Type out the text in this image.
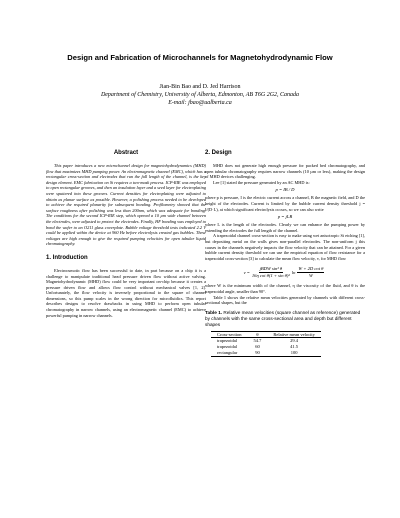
Design and Fabrication of Microchannels for Magnetohydrodynamic Flow
Jian-Bin Bao and D. Jed Harrison
Department of Chemistry, University of Alberta, Edmonton, AB T6G 2G2, Canada
E-mail: jbao@ualberta.ca
Abstract

This paper introduces a new microchannel design for magnetohydrodynamics (MHD) flow that maximizes MHD pumping power. An electromagnetic channel (EMC), which has a rectangular cross-section and electrodes that run the full length of the channel, is the key design element. EMC fabrication on Si requires a two-mask process. ICP-RIE was employed to open rectangular grooves, and then an insulation layer and a seed layer for electroplating were sputtered into these grooves. Current densities for electroplating were adjusted to obtain as planar surface as possible. However, a polishing process needed to be developed to achieve the required planarity for subsequent bonding. Profilometry showed that the surface roughness after polishing was less than 200nm, which was adequate for bonding. The conditions for the second ICP-RIE step, which opened a 10 µm wide channel between the electrodes, were adjusted to protect the electrodes. Finally, HF bonding was employed to bond the wafer to an O211 glass coverplate. Bubble voltage threshold tests indicated 2.2 V could be applied within the device at 960 Hz before electrolysis created gas bubbles. These voltages are high enough to give the required pumping velocities for open tubular liquid chromatography.

1. Introduction

Electroosmotic flow has been successful to date, in part because on a chip it is a challenge to manipulate traditional head pressure driven flow without active valving. Magnetohydrodynamic (MHD) flow could be very important on-chip because it creates a pressure driven flow and allows flow control without mechanical valves [1, 2]. Unfortunately, the flow velocity is inversely proportional to the square of channel dimensions, so this pump scales in the wrong direction for microfluidics. This report describes designs to resolve drawbacks in using MHD to perform open tubular chromatography in narrow channels, using an electromagnetic channel (EMC) to achieve powerful pumping in narrow channels.

2. Design

MHD does not generate high enough pressure for packed bed chromatography, and open tubular chromatography requires narrow channels (10 µm or less), making the design of MHD devices challenging.

Lee [1] stated the pressure generated by an AC MHD is:

p = IB / D

where p is pressure, I is the electric current across a channel, B the magnetic field, and D the height of the electrodes. Current is limited by the bubble current density threshold j = I/(D·L), at which significant electrolysis occurs, so we can also write

p = jLB

where L is the length of the electrodes. Clearly we can enhance the pumping power by extending the electrodes the full length of the channel.

A trapezoidal channel cross-section is easy to make using wet anisotropic Si etching [1], but depositing metal on the walls gives non-parallel electrodes. The non-uniform j this causes in the channels negatively impacts the flow velocity that can be attained. For a given bubble current density threshold we can use the empirical equation of flow resistance for a trapezoidal cross-section [3] to calculate the mean flow velocity, v, for MHD flow

$v = \frac{\text{jBDW sin² θ}}{\text{16η cot θ(1 + sin θ)²}}$ $\ln \frac{\text{W + 2D cot θ}}{W}$

where W is the minimum width of the channel, η the viscosity of the fluid, and θ is the trapezoidal angle, smaller than 90°.

Table 1 shows the relative mean velocities generated by channels with different cross-sectional shapes, but the

Table 1. Relative mean velocities (square channel as reference) generated by channels with the same cross-sectional area and depth but different shapes
Cross-section	θ	Relative mean velocity
trapezoidal	54.7	29.4
trapezoidal	60	41.5
rectangular	90	100
